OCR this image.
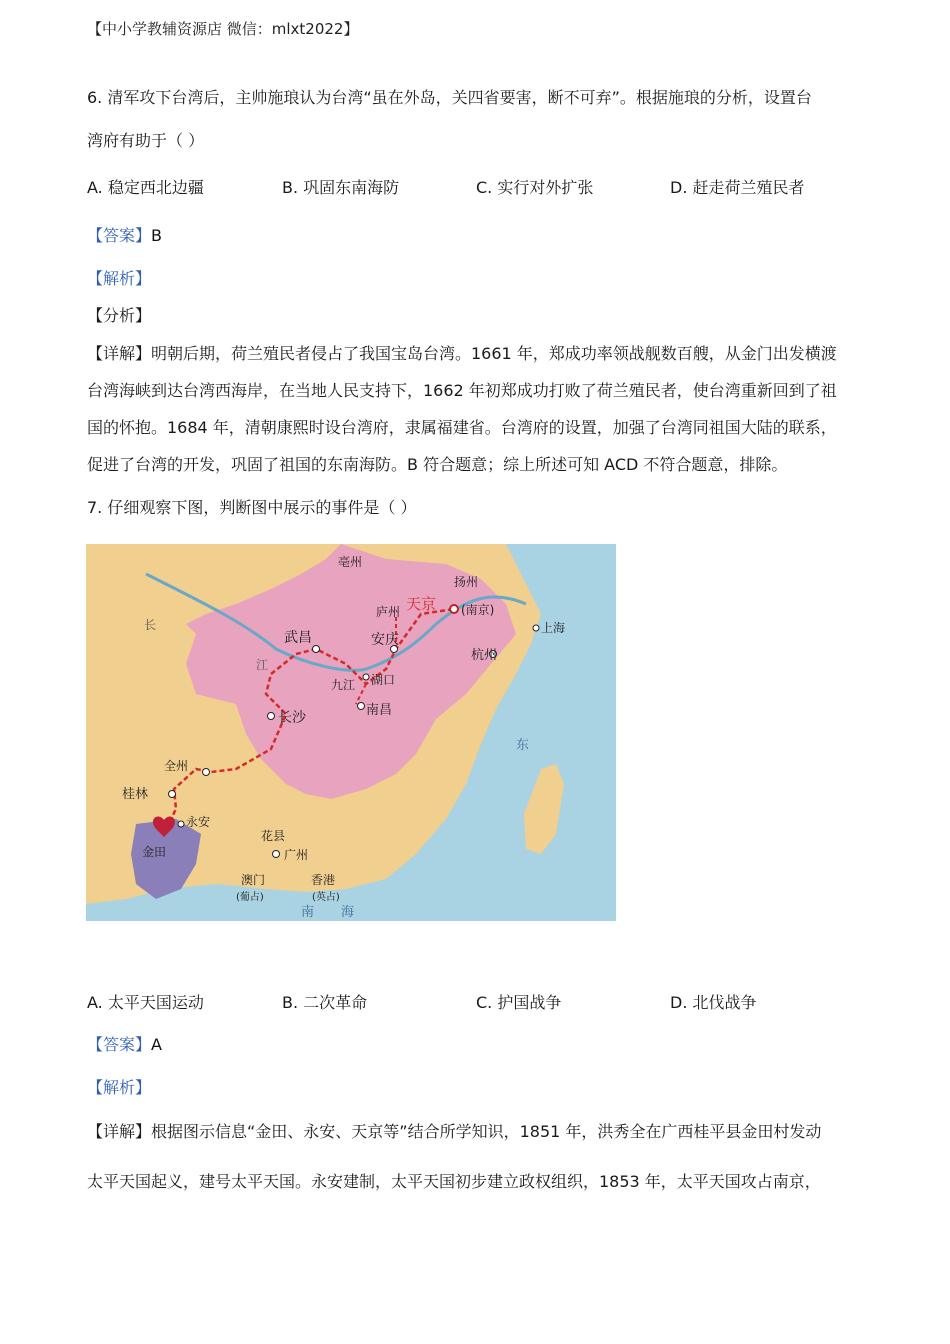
【中小学教辅资源店 微信：mlxt2022】
6. 清军攻下台湾后，主帅施琅认为台湾“虽在外岛，关四省要害，断不可弃”。根据施琅的分析，设置台
湾府有助于（ ）
A. 稳定西北边疆	B. 巩固东南海防	C. 实行对外扩张	D. 赶走荷兰殖民者
【答案】B
【解析】
【分析】
【详解】明朝后期，荷兰殖民者侵占了我国宝岛台湾。1661 年，郑成功率领战舰数百艘，从金门出发横渡
台湾海峡到达台湾西海岸，在当地人民支持下，1662 年初郑成功打败了荷兰殖民者，使台湾重新回到了祖
国的怀抱。1684 年，清朝康熙时设台湾府，隶属福建省。台湾府的设置，加强了台湾同祖国大陆的联系，
促进了台湾的开发，巩固了祖国的东南海防。B 符合题意；综上所述可知 ACD 不符合题意，排除。
7. 仔细观察下图，判断图中展示的事件是（ ）
亳州
扬州
天京 (南京)
庐州
上海
武昌	安庆
杭州
九江 湖口
南昌
长沙
全州
桂林
永安
金田
花县
广州
澳门	香港
(葡占)	(英占)
东
南 海
长
江
A. 太平天国运动	B. 二次革命	C. 护国战争	D. 北伐战争
【答案】A
【解析】
【详解】根据图示信息“金田、永安、天京等”结合所学知识，1851 年，洪秀全在广西桂平县金田村发动
太平天国起义，建号太平天国。永安建制，太平天国初步建立政权组织，1853 年，太平天国攻占南京，
